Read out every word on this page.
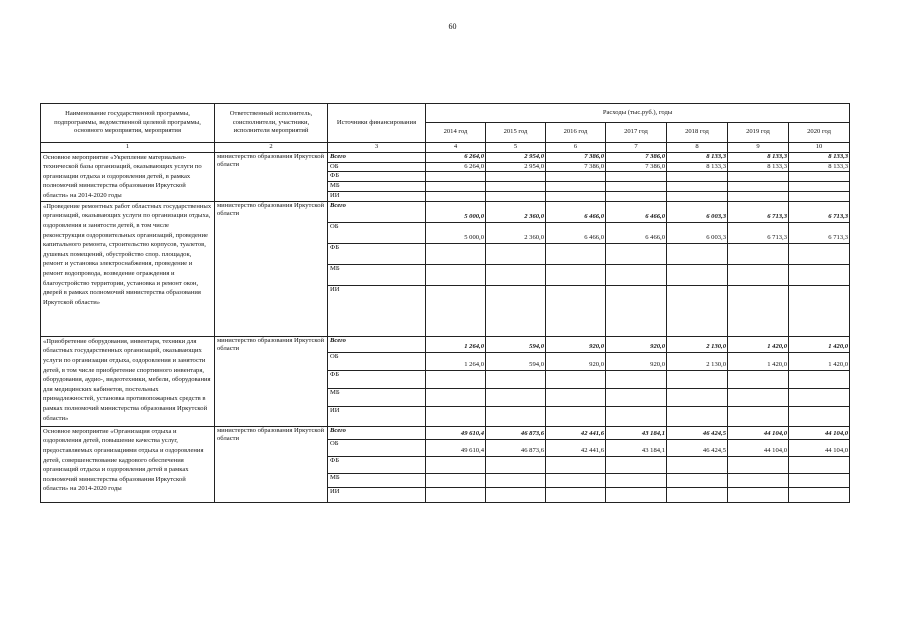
60
Наименование государственной программы, подпрограммы, ведомственной целевой программы, основного мероприятия, мероприятия	Ответственный исполнитель, соисполнители, участники, исполнители мероприятий	Источники финансирования	Расходы (тыс.руб.), годы						
			2014 год	2015 год	2016 год	2017 год	2018 год	2019 год	2020 год
1	2	3	4	5	6	7	8	9	10
Основное мероприятие «Укрепление материально-технической базы организаций, оказывающих услуги по организации отдыха и оздоровления детей, в рамках полномочий министерства образования Иркутской области» на 2014-2020 годы	министерство образования Иркутской области	Всего	6 264,0	2 954,0	7 386,0	7 386,0	8 133,3	8 133,3	8 133,3
		ОБ	6 264,0	2 954,0	7 386,0	7 386,0	8 133,3	8 133,3	8 133,3
		ФБ							
		МБ							
		ИИ							
«Проведение ремонтных работ областных государственных организаций, оказывающих услуги по организации отдыха, оздоровления и занятости детей, в том числе реконструкция оздоровительных организаций, проведение капитального ремонта, строительство корпусов, туалетов, душевых помещений, обустройство спор. площадок, ремонт и установка электроснабжения, проведение и ремонт водопровода, возведение ограждения и благоустройство территории, установка и ремонт окон, дверей в рамках полномочий министерства образования Иркутской области»	министерство образования Иркутской области	Всего	5 000,0	2 360,0	6 466,0	6 466,0	6 003,3	6 713,3	6 713,3
		ОБ	5 000,0	2 360,0	6 466,0	6 466,0	6 003,3	6 713,3	6 713,3
		ФБ							
		МБ							
		ИИ							
«Приобретение оборудования, инвентаря, техники для областных государственных организаций, оказывающих услуги по организации отдыха, оздоровления и занятости детей, в том числе приобретение спортивного инвентаря, оборудования, аудио-, видеотехники, мебели, оборудования для медицинских кабинетов, постельных принадлежностей, установка противопожарных средств в рамках полномочий министерства образования Иркутской области»	министерство образования Иркутской области	Всего	1 264,0	594,0	920,0	920,0	2 130,0	1 420,0	1 420,0
		ОБ	1 264,0	594,0	920,0	920,0	2 130,0	1 420,0	1 420,0
		ФБ							
		МБ							
		ИИ							
Основное мероприятие «Организация отдыха и оздоровления детей, повышение качества услуг, предоставляемых организациями отдыха и оздоровления детей, совершенствование кадрового обеспечения организаций отдыха и оздоровления детей в рамках полномочий министерства образования Иркутской области» на 2014-2020 годы	министерство образования Иркутской области	Всего	49 610,4	46 873,6	42 441,6	43 184,1	46 424,5	44 104,0	44 104,0
		ОБ	49 610,4	46 873,6	42 441,6	43 184,1	46 424,5	44 104,0	44 104,0
		ФБ							
		МБ							
		ИИ							
